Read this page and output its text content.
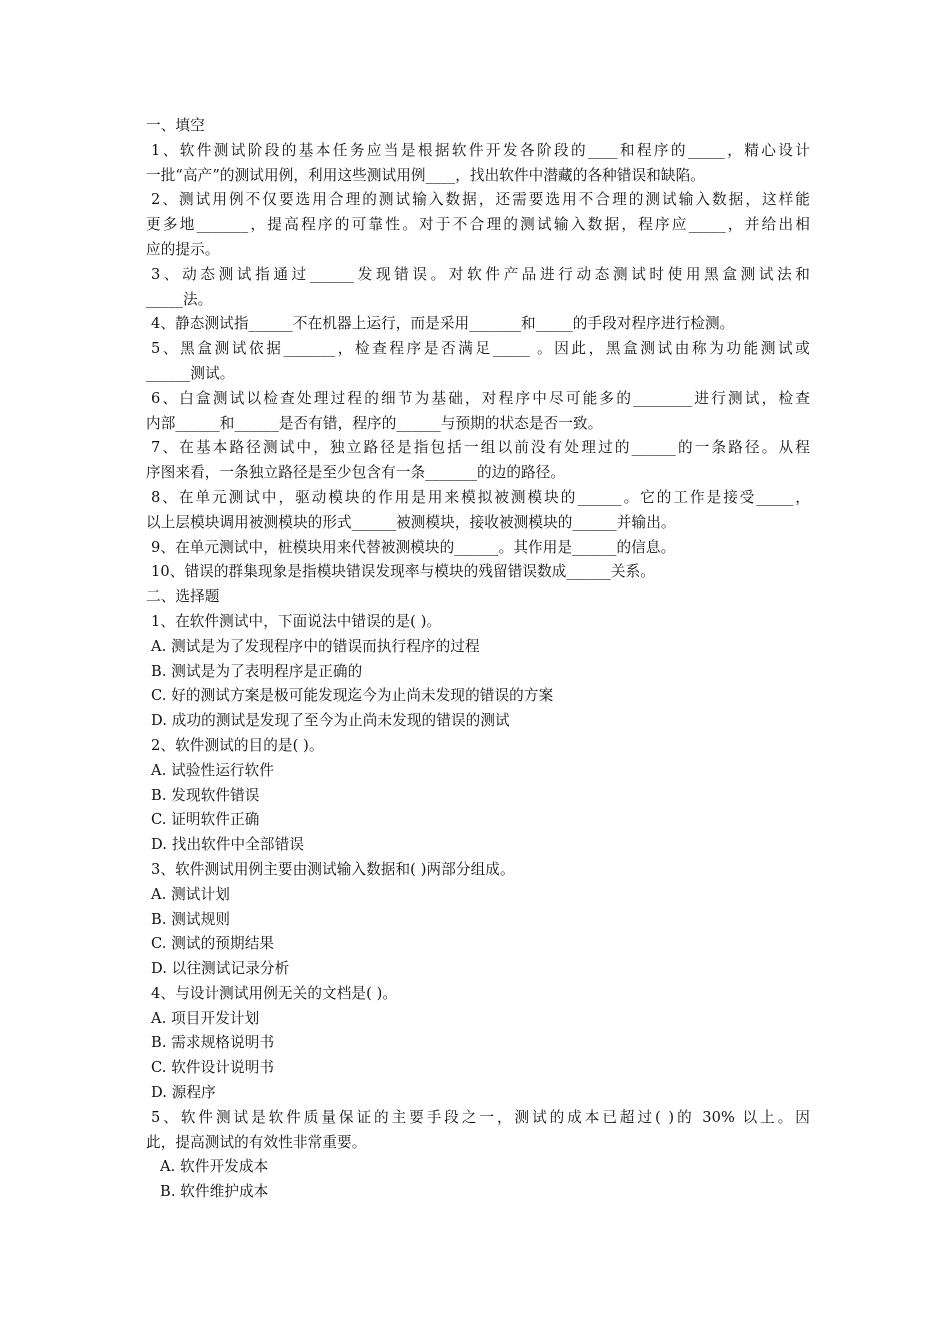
一、填空
1、软件测试阶段的基本任务应当是根据软件开发各阶段的____和程序的_____，精心设计
一批“高产”的测试用例，利用这些测试用例____，找出软件中潜藏的各种错误和缺陷。
2、测试用例不仅要选用合理的测试输入数据，还需要选用不合理的测试输入数据，这样能
更多地_______，提高程序的可靠性。对于不合理的测试输入数据，程序应_____，并给出相
应的提示。
3、动态测试指通过______发现错误。对软件产品进行动态测试时使用黑盒测试法和
_____法。
4、静态测试指______不在机器上运行，而是采用_______和_____的手段对程序进行检测。
5、黑盒测试依据_______，检查程序是否满足_____ 。因此，黑盒测试由称为功能测试或
______测试。
6、白盒测试以检查处理过程的细节为基础，对程序中尽可能多的________进行测试，检查
内部______和______是否有错，程序的______与预期的状态是否一致。
7、在基本路径测试中，独立路径是指包括一组以前没有处理过的______的一条路径。从程
序图来看，一条独立路径是至少包含有一条_______的边的路径。
8、在单元测试中，驱动模块的作用是用来模拟被测模块的______。它的工作是接受_____，
以上层模块调用被测模块的形式______被测模块，接收被测模块的______并输出。
9、在单元测试中，桩模块用来代替被测模块的______。其作用是______的信息。
10、错误的群集现象是指模块错误发现率与模块的残留错误数成______关系。
二、选择题
1、在软件测试中，下面说法中错误的是( )。
A. 测试是为了发现程序中的错误而执行程序的过程
B. 测试是为了表明程序是正确的
C. 好的测试方案是极可能发现迄今为止尚未发现的错误的方案
D. 成功的测试是发现了至今为止尚未发现的错误的测试
2、软件测试的目的是( )。
A. 试验性运行软件
B. 发现软件错误
C. 证明软件正确
D. 找出软件中全部错误
3、软件测试用例主要由测试输入数据和( )两部分组成。
A. 测试计划
B. 测试规则
C. 测试的预期结果
D. 以往测试记录分析
4、与设计测试用例无关的文档是( )。
A. 项目开发计划
B. 需求规格说明书
C. 软件设计说明书
D. 源程序
5、软件测试是软件质量保证的主要手段之一，测试的成本已超过( )的 30% 以上。因
此，提高测试的有效性非常重要。
A. 软件开发成本
B. 软件维护成本
